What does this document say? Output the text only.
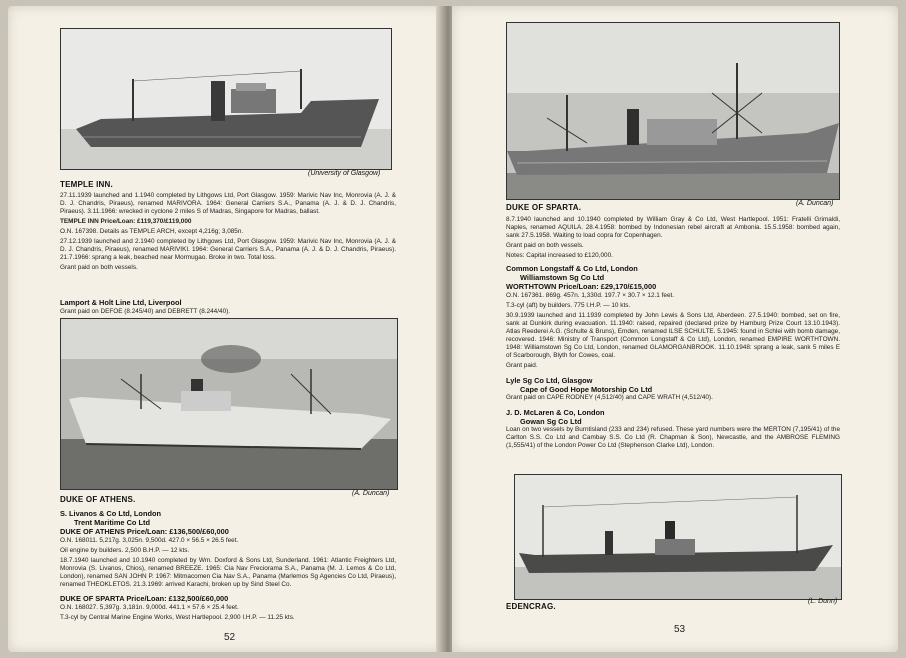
(University of Glasgow)
TEMPLE INN.

27.11.1939 launched and 1.1940 completed by Lithgows Ltd, Port Glasgow. 1959: Marivic Nav Inc, Monrovia (A. J. & D. J. Chandris, Piraeus), renamed MARIVORA. 1964: General Carriers S.A., Panama (A. J. & D. J. Chandris, Piraeus). 3.11.1966: wrecked in cyclone 2 miles S of Madras, Singapore for Madras, ballast.

TEMPLE INN Price/Loan: £119,370/£119,000

O.N. 167398. Details as TEMPLE ARCH, except 4,216g; 3,085n.

27.12.1939 launched and 2.1940 completed by Lithgows Ltd, Port Glasgow. 1959: Marivic Nav Inc, Monrovia (A. J. & D. J. Chandris, Piraeus), renamed MARIVIKI. 1964: General Carriers S.A., Panama (A. J. & D. J. Chandris, Piraeus). 21.7.1966: sprang a leak, beached near Mormugao. Broke in two. Total loss.

Grant paid on both vessels.

Lamport & Holt Line Ltd, Liverpool
Grant paid on DEFOE (8.245/40) and DEBRETT (8.244/40).
DUKE OF ATHENS.
(A. Duncan)
S. Livanos & Co Ltd, London
Trent Maritime Co Ltd
DUKE OF ATHENS Price/Loan: £136,500/£60,000

O.N. 168011. 5,217g. 3,025n. 9,500d. 427.0 × 56.5 × 26.5 feet.

Oil engine by builders. 2,500 B.H.P. — 12 kts.

18.7.1940 launched and 10.1940 completed by Wm. Doxford & Sons Ltd, Sunderland. 1961: Atlantic Freighters Ltd, Monrovia (S. Livanos, Chios), renamed BREEZE. 1965: Cia Nav Freciorama S.A., Panama (M. J. Lemos & Co Ltd, London), renamed SAN JOHN P. 1967: Mitmacomen Cia Nav S.A., Panama (Marlemos Sg Agencies Co Ltd, Piraeus), renamed THEOKLETOS. 21.3.1969: arrived Karachi, broken up by Sind Steel Co.

DUKE OF SPARTA Price/Loan: £132,500/£60,000

O.N. 168027. 5,397g. 3,181n. 9,000d. 441.1 × 57.6 × 25.4 feet.

T.3-cyl by Central Marine Engine Works, West Hartlepool. 2,900 I.H.P. — 11.25 kts.

52
DUKE OF SPARTA.	(A. Duncan)

8.7.1940 launched and 10.1940 completed by William Gray & Co Ltd, West Hartlepool. 1951: Fratelli Grimaldi, Naples, renamed AQUILA. 28.4.1958: bombed by Indonesian rebel aircraft at Ambonia. 15.5.1958: bombed again, sank 27.5.1958. Waiting to load copra for Copenhagen.

Grant paid on both vessels.

Notes: Capital increased to £120,000.

Common Longstaff & Co Ltd, London
Williamstown Sg Co Ltd
WORTHTOWN Price/Loan: £29,170/£15,000

O.N. 167361. 869g. 457n. 1,330d. 197.7 × 30.7 × 12.1 feet.

T.3-cyl (aft) by builders. 775 I.H.P. — 10 kts.

30.9.1939 launched and 11.1939 completed by John Lewis & Sons Ltd, Aberdeen. 27.5.1940: bombed, set on fire, sank at Dunkirk during evacuation. 11.1940: raised, repaired (declared prize by Hamburg Prize Court 13.10.1943). Atlas Reederei A.G. (Schulte & Bruns), Emden, renamed ILSE SCHULTE. 5.1945: found in Schlei with bomb damage, recovered. 1946: Ministry of Transport (Common Longstaff & Co Ltd), London, renamed EMPIRE WORTHTOWN. 1948: Williamstown Sg Co Ltd, London, renamed GLAMORGANBROOK. 11.10.1948: sprang a leak, sank 5 miles E of Scarborough, Blyth for Cowes, coal.

Grant paid.

Lyle Sg Co Ltd, Glasgow
Cape of Good Hope Motorship Co Ltd
Grant paid on CAPE RODNEY (4,512/40) and CAPE WRATH (4,512/40).
J. D. McLaren & Co, London
Gowan Sg Co Ltd
Loan on two vessels by Burntisland (233 and 234) refused. These yard numbers were the MERTON (7,195/41) of the Carlton S.S. Co Ltd and Cambay S.S. Co Ltd (R. Chapman & Son), Newcastle, and the AMBROSE FLEMING (1,555/41) of the London Power Co Ltd (Stephenson Clarke Ltd), London.
EDENCRAG.
(L. Dunn)
53
